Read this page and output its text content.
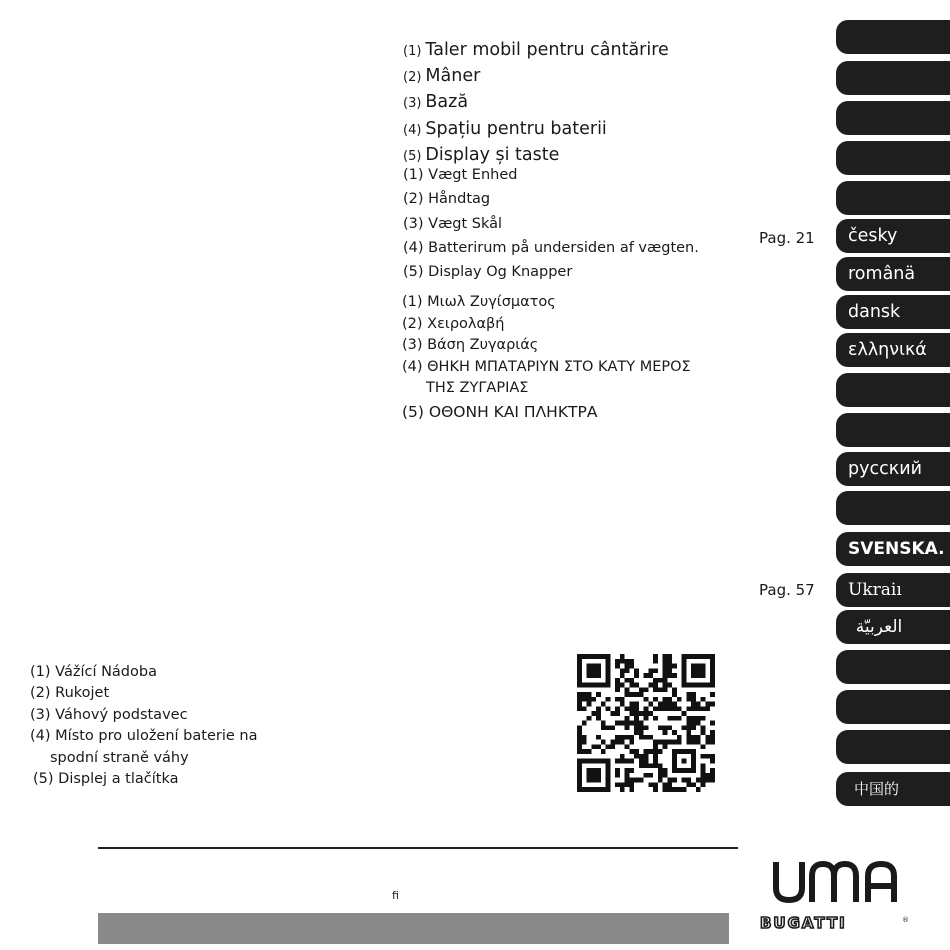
(1) Taler mobil pentru cântărire
(2) Mâner
(3) Bază
(4) Spațiu pentru baterii
(5) Display și taste
(1) Vægt Enhed
(2) Håndtag
(3) Vægt Skål
(4) Batterirum på undersiden af vægten.
(5) Display Og Knapper
(1) Μιωλ Ζυγίσματος
(2) Χειρολαβή
(3) Βάση Ζυγαριάς
(4) ΘΗΚΗ ΜΠΑΤΑΡΙΥΝ ΣΤΟ ΚΑΤΥ ΜΕΡΟΣ
ΤΗΣ ΖΥΓΑΡΙΑΣ
(5) ΟΘΟΝΗ ΚΑΙ ΠΛΗΚΤΡΑ
(1) Vážící Nádoba
(2) Rukojet
(3) Váhový podstavec
(4) Místo pro uložení baterie na
spodní straně váhy
(5) Displej a tlačítka
Pag. 21
Pag. 57
česky
românä
dansk
ελληνικά
русский
SVENSKA.
Ukraiı
العربيّة
中国的
fi
BUGATTI	®
